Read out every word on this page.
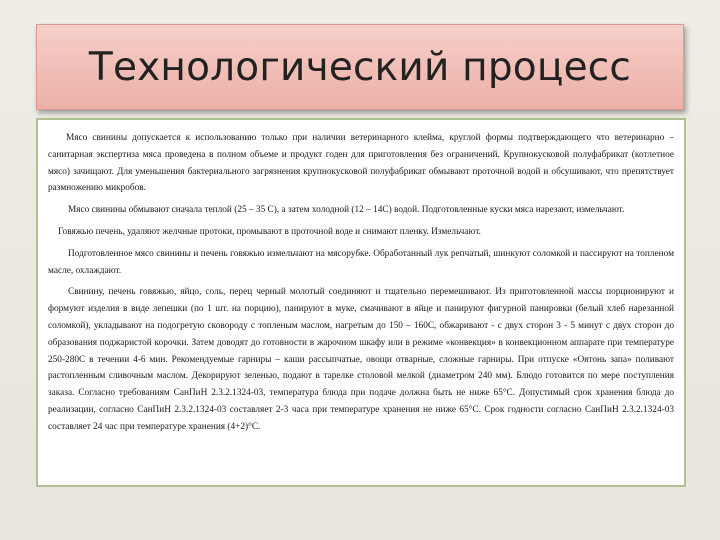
Технологический процесс

Мясо свинины допускается к использованию только при наличии ветеринарного клейма, круглой формы подтверждающего что ветеринарно – санитарная экспертиза мяса проведена в полном объеме и продукт годен для приготовления без ограничений. Крупнокусковой полуфабрикат (котлетное мясо) зачищают. Для уменьшения бактериального загрязнения крупнокусковой полуфабрикат обмывают проточной водой и обсушивают, что препятствует размножению микробов.

Мясо свинины обмывают сначала теплой (25 – 35 С), а затем холодной (12 – 14С) водой. Подготовленные куски мяса нарезают, измельчают.

Говяжью печень, удаляют желчные протоки, промывают в проточной воде и снимают пленку. Измельчают.

Подготовленное мясо свинины и печень говяжью измельчают на мясорубке. Обработанный лук репчатый, шинкуют соломкой и пассируют на топленом масле, охлаждают.

Свинину, печень говяжью, яйцо, соль, перец черный молотый соединяют и тщательно перемешивают. Из приготовленной массы порционируют и формуют изделия в виде лепешки (по 1 шт. на порцию), панируют в муке, смачивают в яйце и панируют фигурной панировки (белый хлеб нарезанной соломкой), укладывают на подогретую сковороду с топленым маслом, нагретым до 150 – 160С, обжаривают - с двух сторон 3 - 5 минут с двух сторон до образования поджаристой корочки. Затем доводят до готовности в жарочном шкафу или в режиме «конвекция» в конвекционном аппарате при температуре 250-280С в течении 4-6 мин. Рекомендуемые гарниры – каши рассыпчатые, овощи отварные, сложные гарниры. При отпуске «Оятонь запа» поливают растопленным сливочным маслом. Декорируют зеленью, подают в тарелке столовой мелкой (диаметром 240 мм). Блюдо готовится по мере поступления заказа. Согласно требованиям СанПиН 2.3.2.1324-03, температура блюда при подаче должна быть не ниже 65°С. Допустимый срок хранения блюда до реализации, согласно СанПиН 2.3.2.1324-03 составляет 2-3 часа при температуре хранения не ниже 65°С. Срок годности согласно СанПиН 2.3.2.1324-03 составляет 24 час при температуре хранения (4+2)°С.
